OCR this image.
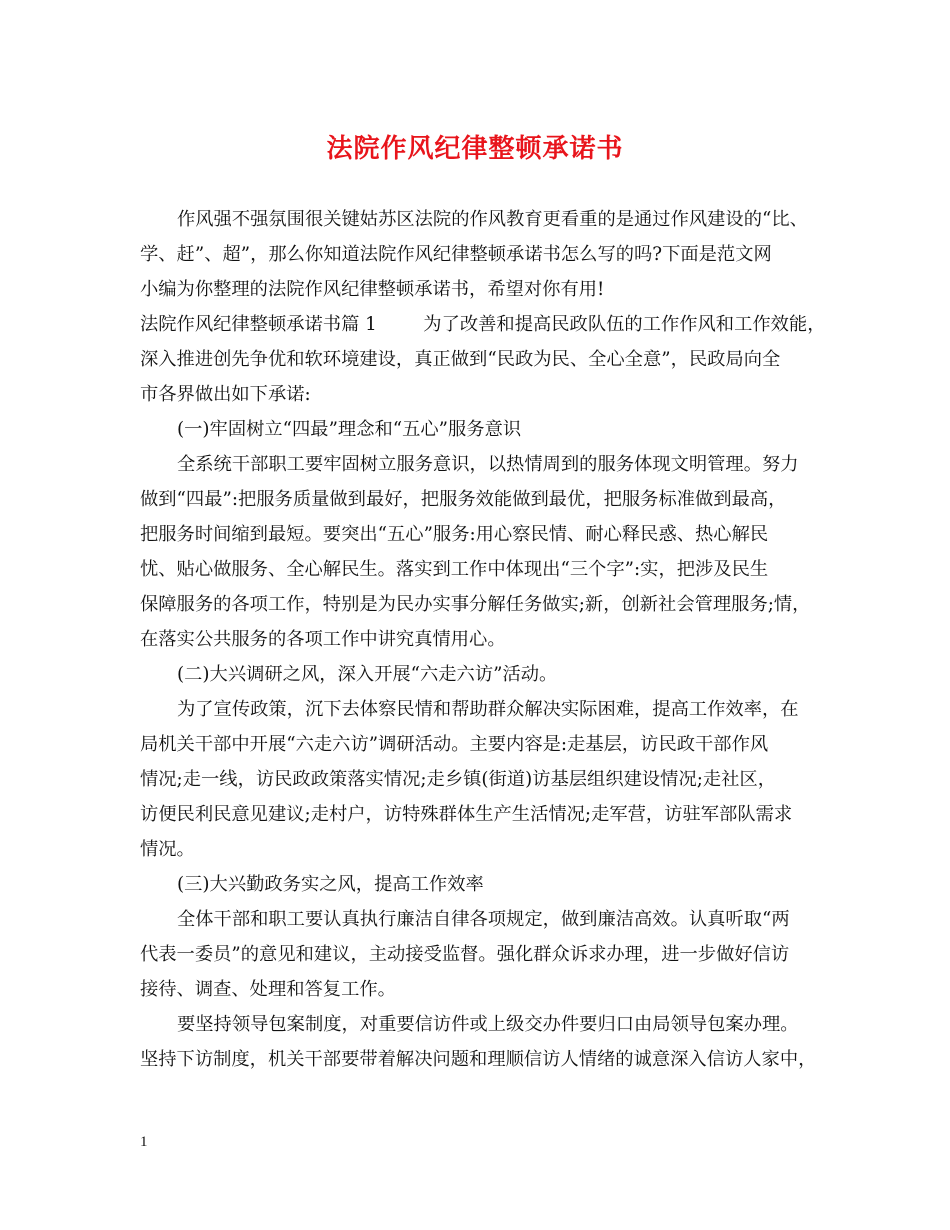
法院作风纪律整顿承诺书
作风强不强氛围很关键姑苏区法院的作风教育更看重的是通过作风建设的“比、
学、赶”、超”，那么你知道法院作风纪律整顿承诺书怎么写的吗?下面是范文网
小编为你整理的法院作风纪律整顿承诺书，希望对你有用!
法院作风纪律整顿承诺书篇 1        为了改善和提高民政队伍的工作作风和工作效能，
深入推进创先争优和软环境建设，真正做到“民政为民、全心全意”，民政局向全
市各界做出如下承诺:
(一)牢固树立“四最”理念和“五心”服务意识
全系统干部职工要牢固树立服务意识，以热情周到的服务体现文明管理。努力
做到“四最”:把服务质量做到最好，把服务效能做到最优，把服务标准做到最高，
把服务时间缩到最短。要突出“五心”服务:用心察民情、耐心释民惑、热心解民
忧、贴心做服务、全心解民生。落实到工作中体现出“三个字”:实，把涉及民生
保障服务的各项工作，特别是为民办实事分解任务做实;新，创新社会管理服务;情，
在落实公共服务的各项工作中讲究真情用心。
(二)大兴调研之风，深入开展“六走六访”活动。
为了宣传政策，沉下去体察民情和帮助群众解决实际困难，提高工作效率，在
局机关干部中开展“六走六访”调研活动。主要内容是:走基层，访民政干部作风
情况;走一线，访民政政策落实情况;走乡镇(街道)访基层组织建设情况;走社区，
访便民利民意见建议;走村户，访特殊群体生产生活情况;走军营，访驻军部队需求
情况。
(三)大兴勤政务实之风，提高工作效率
全体干部和职工要认真执行廉洁自律各项规定，做到廉洁高效。认真听取“两
代表一委员”的意见和建议，主动接受监督。强化群众诉求办理，进一步做好信访
接待、调查、处理和答复工作。
要坚持领导包案制度，对重要信访件或上级交办件要归口由局领导包案办理。
坚持下访制度，机关干部要带着解决问题和理顺信访人情绪的诚意深入信访人家中，
1
